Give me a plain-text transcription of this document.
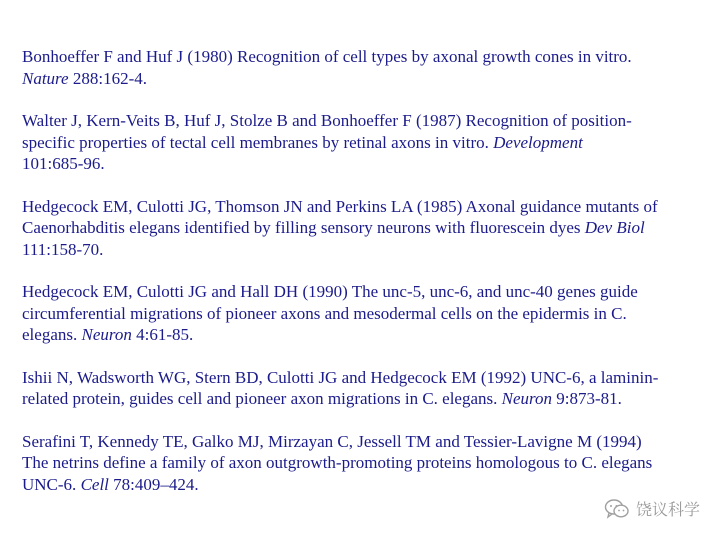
Bonhoeffer F and Huf J (1980) Recognition of cell types by axonal growth cones in vitro.
Nature 288:162-4.
Walter J, Kern-Veits B, Huf J, Stolze B and Bonhoeffer F (1987) Recognition of position-
specific properties of tectal cell membranes by retinal axons in vitro. Development
101:685-96.
Hedgecock EM, Culotti JG, Thomson JN and Perkins LA (1985) Axonal guidance mutants of
Caenorhabditis elegans identified by filling sensory neurons with fluorescein dyes Dev Biol
111:158-70.
Hedgecock EM, Culotti JG and Hall DH (1990) The unc-5, unc-6, and unc-40 genes guide
circumferential migrations of pioneer axons and mesodermal cells on the epidermis in C.
elegans. Neuron 4:61-85.
Ishii N, Wadsworth WG, Stern BD, Culotti JG and Hedgecock EM (1992) UNC-6, a laminin-
related protein, guides cell and pioneer axon migrations in C. elegans. Neuron 9:873-81.
Serafini T, Kennedy TE, Galko MJ, Mirzayan C, Jessell TM and Tessier-Lavigne M (1994)
The netrins define a family of axon outgrowth-promoting proteins homologous to C. elegans
UNC-6. Cell 78:409–424.
饶议科学
